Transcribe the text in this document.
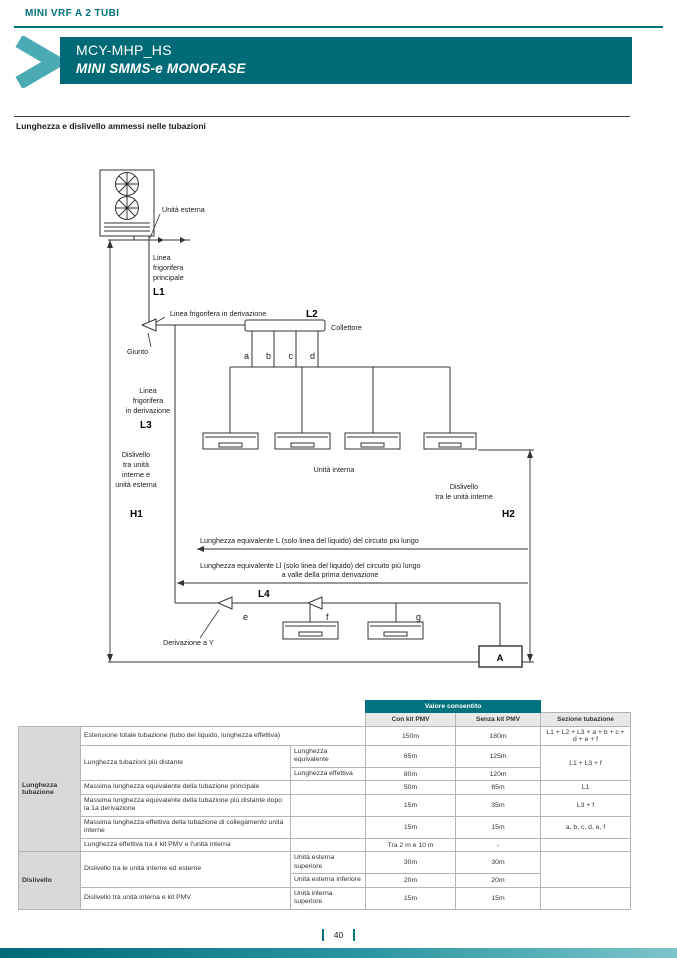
MINI VRF A 2 TUBI
MCY-MHP_HS
MINI SMMS-e MONOFASE
Lunghezza e dislivello ammessi nelle tubazioni
Unità esterna
Linea
frigorifera
principale
L1
Linea frigorifera in derivazione	L2
Collettore
Giunto	a b c d
Linea
frigorifera
in derivazione
L3
Unità interna
Dislivello
tra unità
interne e
unità esterna
H1
Dislivello
tra le unità interne
H2
Lunghezza equivalente L (solo linea del liquido) del circuito più lungo
Lunghezza equivalente Ll (solo linea del liquido) del circuito più lungo
a valle della prima derivazione
L4
e	f	g
Derivazione a Y
A
			Valore consentito		
			Con kit PMV	Senza kit PMV	Sezione tubazione
Lunghezza tubazione	Estensione totale tubazione (tubo del liquido, lunghezza effettiva)		150m	180m	L1 + L2 + L3 + a + b + c + d + e + f
	Lunghezza tubazioni più distante	Lunghezza equivalente	65m	125m	L1 + L3 + f
		Lunghezza effettiva	80m	120m	
	Massima lunghezza equivalente della tubazione principale		50m	65m	L1
	Massima lunghezza equivalente della tubazione più distante dopo la 1a derivazione		15m	35m	L3 + f
	Massima lunghezza effettiva della tubazione di collegamento unità interne		15m	15m	a, b, c, d, e, f
	Lunghezza effettiva tra il kit PMV e l'unità interna		Tra 2 m e 10 m	-	
Dislivello	Dislivello tra le unità interne ed esterne	Unità esterna superiore	30m	30m	
		Unità esterna inferiore	20m	20m	
	Dislivello tra unità interna e kit PMV	Unità interna superiore	15m	15m	
40
